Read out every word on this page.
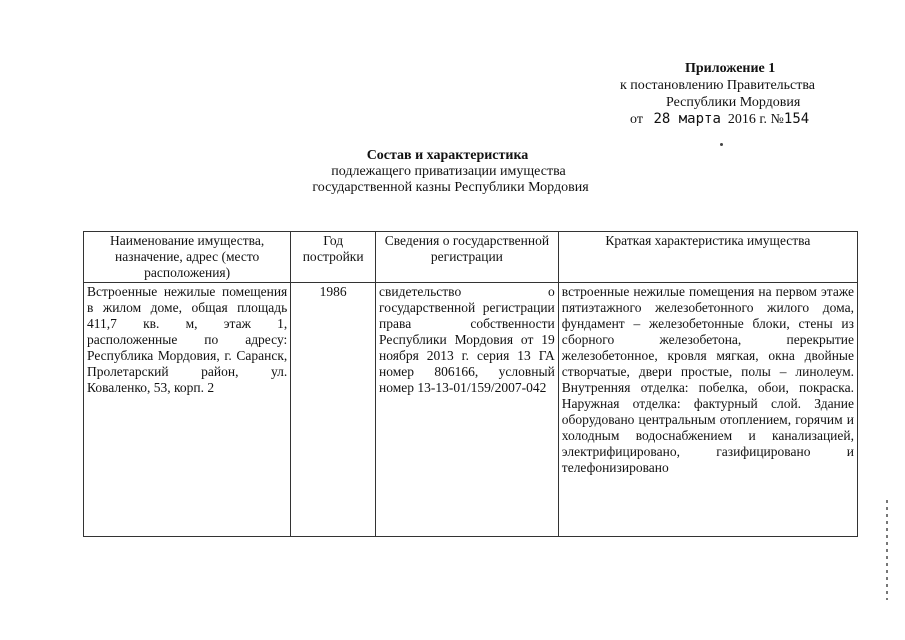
Приложение 1
к постановлению Правительства
Республики Мордовия
от 28 марта 2016 г. №154
Состав и характеристика
подлежащего приватизации имущества
государственной казны Республики Мордовия
Наименование имущества, назначение, адрес (место расположения)	Год постройки	Сведения о государственной регистрации	Краткая характеристика имущества
Встроенные нежилые помещения в жилом доме, общая площадь 411,7 кв. м, этаж 1, расположенные по адресу: Республика Мордовия, г. Саранск, Пролетарский район, ул. Коваленко, 53, корп. 2	1986	свидетельство о государственной регистрации права собственности Республики Мордовия от 19 ноября 2013 г. серия 13 ГА номер 806166, условный номер 13-13-01/159/2007-042	встроенные нежилые помещения на первом этаже пятиэтажного железобетонного жилого дома, фундамент – железобетонные блоки, стены из сборного железобетона, перекрытие железобетонное, кровля мягкая, окна двойные створчатые, двери простые, полы – линолеум. Внутренняя отделка: побелка, обои, покраска. Наружная отделка: фактурный слой. Здание оборудовано центральным отоплением, горячим и холодным водоснабжением и канализацией, электрифицировано, газифицировано и телефонизировано
